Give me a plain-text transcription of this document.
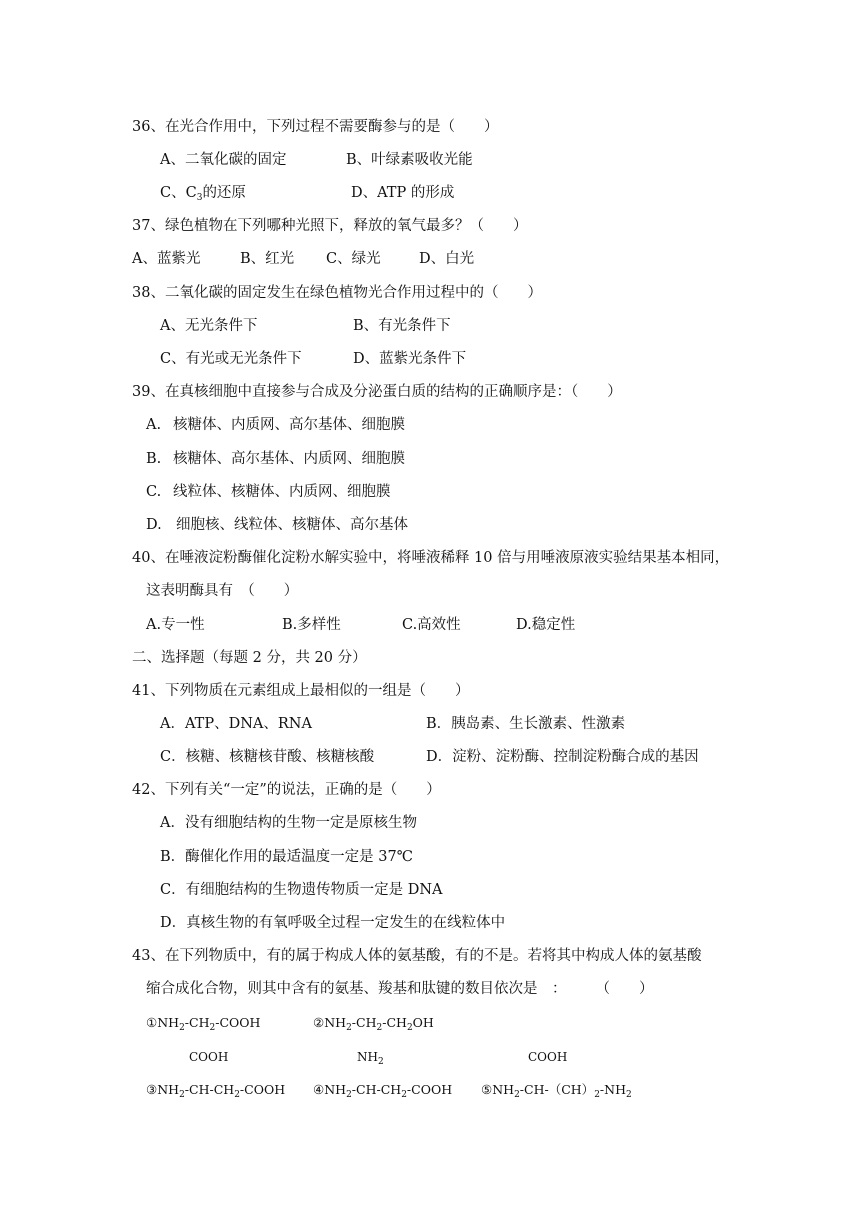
36、在光合作用中，下列过程不需要酶参与的是（　　）
A、二氧化碳的固定	B、叶绿素吸收光能
C、$C_3$的还原	D、ATP 的形成
37、绿色植物在下列哪种光照下，释放的氧气最多？（　　）
A、蓝紫光	B、红光 C、绿光	D、白光
38、二氧化碳的固定发生在绿色植物光合作用过程中的（　　）
A、无光条件下	B、有光条件下
C、有光或无光条件下	D、蓝紫光条件下
39、在真核细胞中直接参与合成及分泌蛋白质的结构的正确顺序是：（　　）
A. 核糖体、内质网、高尔基体、细胞膜
B. 核糖体、高尔基体、内质网、细胞膜
C. 线粒体、核糖体、内质网、细胞膜
D. 细胞核、线粒体、核糖体、高尔基体
40、在唾液淀粉酶催化淀粉水解实验中，将唾液稀释 10 倍与用唾液原液实验结果基本相同，
这表明酶具有　（　　）
A.专一性	B.多样性	C.高效性	D.稳定性
二、选择题（每题 2 分，共 20 分）
41、下列物质在元素组成上最相似的一组是（　　）
A．ATP、DNA、RNA	B．胰岛素、生长激素、性激素
C．核糖、核糖核苷酸、核糖核酸	D．淀粉、淀粉酶、控制淀粉酶合成的基因
42、下列有关“一定”的说法，正确的是（　　）
A．没有细胞结构的生物一定是原核生物
B．酶催化作用的最适温度一定是 37℃
C．有细胞结构的生物遗传物质一定是 DNA
D．真核生物的有氧呼吸全过程一定发生的在线粒体中
43、在下列物质中，有的属于构成人体的氨基酸，有的不是。若将其中构成人体的氨基酸
缩合成化合物，则其中含有的氨基、羧基和肽键的数目依次是　：　　　（　　）
$①NH_2-CH_2$-COOH	$②NH_2-CH_2-CH_2OH$
COOH	$NH_2$	COOH
$③NH_2-CH-CH_2$-COOH $④NH_2-CH-CH_2$-COOH $⑤NH_2-CH-(CH)_2-NH_2$
